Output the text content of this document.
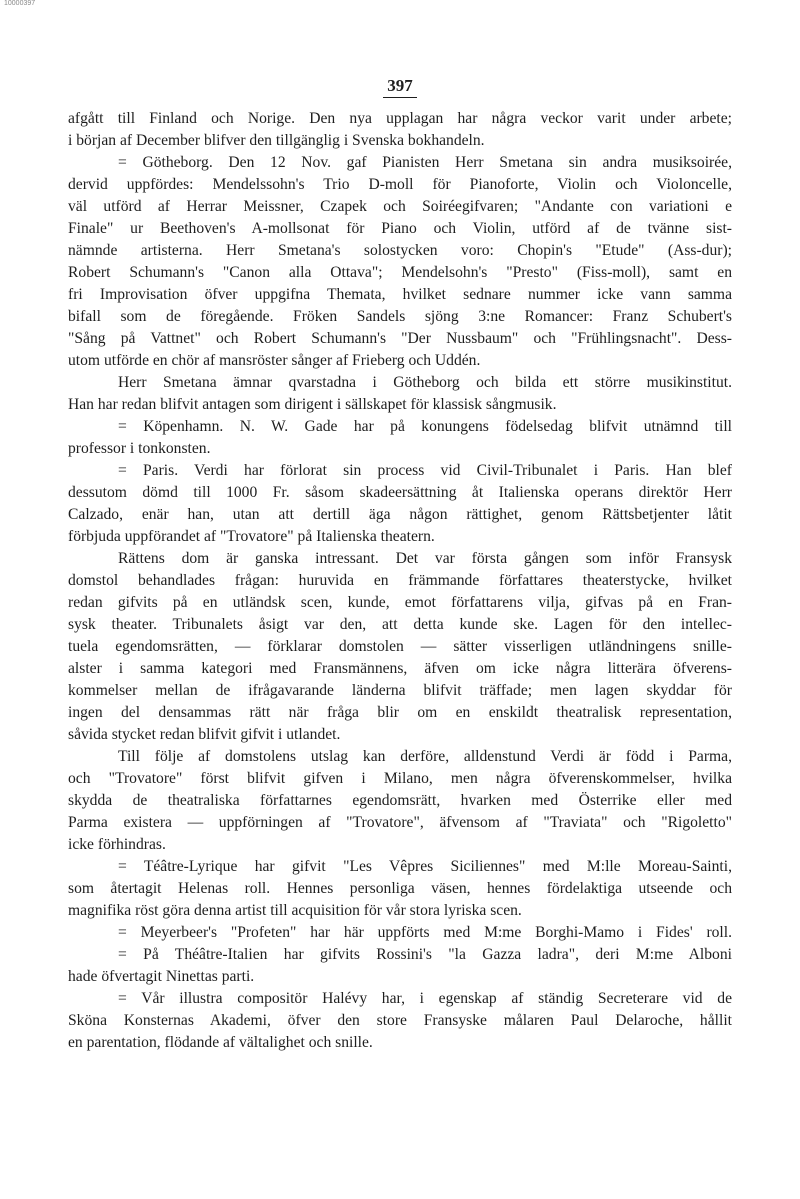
10000397
397
afgått till Finland och Norige. Den nya upplagan har några veckor varit under arbete;
i början af December blifver den tillgänglig i Svenska bokhandeln.
= Götheborg. Den 12 Nov. gaf Pianisten Herr Smetana sin andra musiksoirée,
dervid uppfördes: Mendelssohn's Trio D-moll för Pianoforte, Violin och Violoncelle,
väl utförd af Herrar Meissner, Czapek och Soiréegifvaren; "Andante con variationi e
Finale" ur Beethoven's A-mollsonat för Piano och Violin, utförd af de tvänne sist-
nämnde artisterna. Herr Smetana's solostycken voro: Chopin's "Etude" (Ass-dur);
Robert Schumann's "Canon alla Ottava"; Mendelsohn's "Presto" (Fiss-moll), samt en
fri Improvisation öfver uppgifna Themata, hvilket sednare nummer icke vann samma
bifall som de föregående. Fröken Sandels sjöng 3:ne Romancer: Franz Schubert's
"Sång på Vattnet" och Robert Schumann's "Der Nussbaum" och "Frühlingsnacht". Dess-
utom utförde en chör af mansröster sånger af Frieberg och Uddén.
Herr Smetana ämnar qvarstadna i Götheborg och bilda ett större musikinstitut.
Han har redan blifvit antagen som dirigent i sällskapet för klassisk sångmusik.
= Köpenhamn. N. W. Gade har på konungens födelsedag blifvit utnämnd till
professor i tonkonsten.
= Paris. Verdi har förlorat sin process vid Civil-Tribunalet i Paris. Han blef
dessutom dömd till 1000 Fr. såsom skadeersättning åt Italienska operans direktör Herr
Calzado, enär han, utan att dertill äga någon rättighet, genom Rättsbetjenter låtit
förbjuda uppförandet af "Trovatore" på Italienska theatern.
Rättens dom är ganska intressant. Det var första gången som inför Fransysk
domstol behandlades frågan: huruvida en främmande författares theaterstycke, hvilket
redan gifvits på en utländsk scen, kunde, emot författarens vilja, gifvas på en Fran-
sysk theater. Tribunalets åsigt var den, att detta kunde ske. Lagen för den intellec-
tuela egendomsrätten, — förklarar domstolen — sätter visserligen utländningens snille-
alster i samma kategori med Fransmännens, äfven om icke några litterära öfverens-
kommelser mellan de ifrågavarande länderna blifvit träffade; men lagen skyddar för
ingen del densammas rätt när fråga blir om en enskildt theatralisk representation,
såvida stycket redan blifvit gifvit i utlandet.
Till följe af domstolens utslag kan derföre, alldenstund Verdi är född i Parma,
och "Trovatore" först blifvit gifven i Milano, men några öfverenskommelser, hvilka
skydda de theatraliska författarnes egendomsrätt, hvarken med Österrike eller med
Parma existera — uppförningen af "Trovatore", äfvensom af "Traviata" och "Rigoletto"
icke förhindras.
= Téâtre-Lyrique har gifvit "Les Vêpres Siciliennes" med M:lle Moreau-Sainti,
som återtagit Helenas roll. Hennes personliga väsen, hennes fördelaktiga utseende och
magnifika röst göra denna artist till acquisition för vår stora lyriska scen.
= Meyerbeer's "Profeten" har här uppförts med M:me Borghi-Mamo i Fides' roll.
= På Théâtre-Italien har gifvits Rossini's "la Gazza ladra", deri M:me Alboni
hade öfvertagit Ninettas parti.
= Vår illustra compositör Halévy har, i egenskap af ständig Secreterare vid de
Sköna Konsternas Akademi, öfver den store Fransyske målaren Paul Delaroche, hållit
en parentation, flödande af vältalighet och snille.
